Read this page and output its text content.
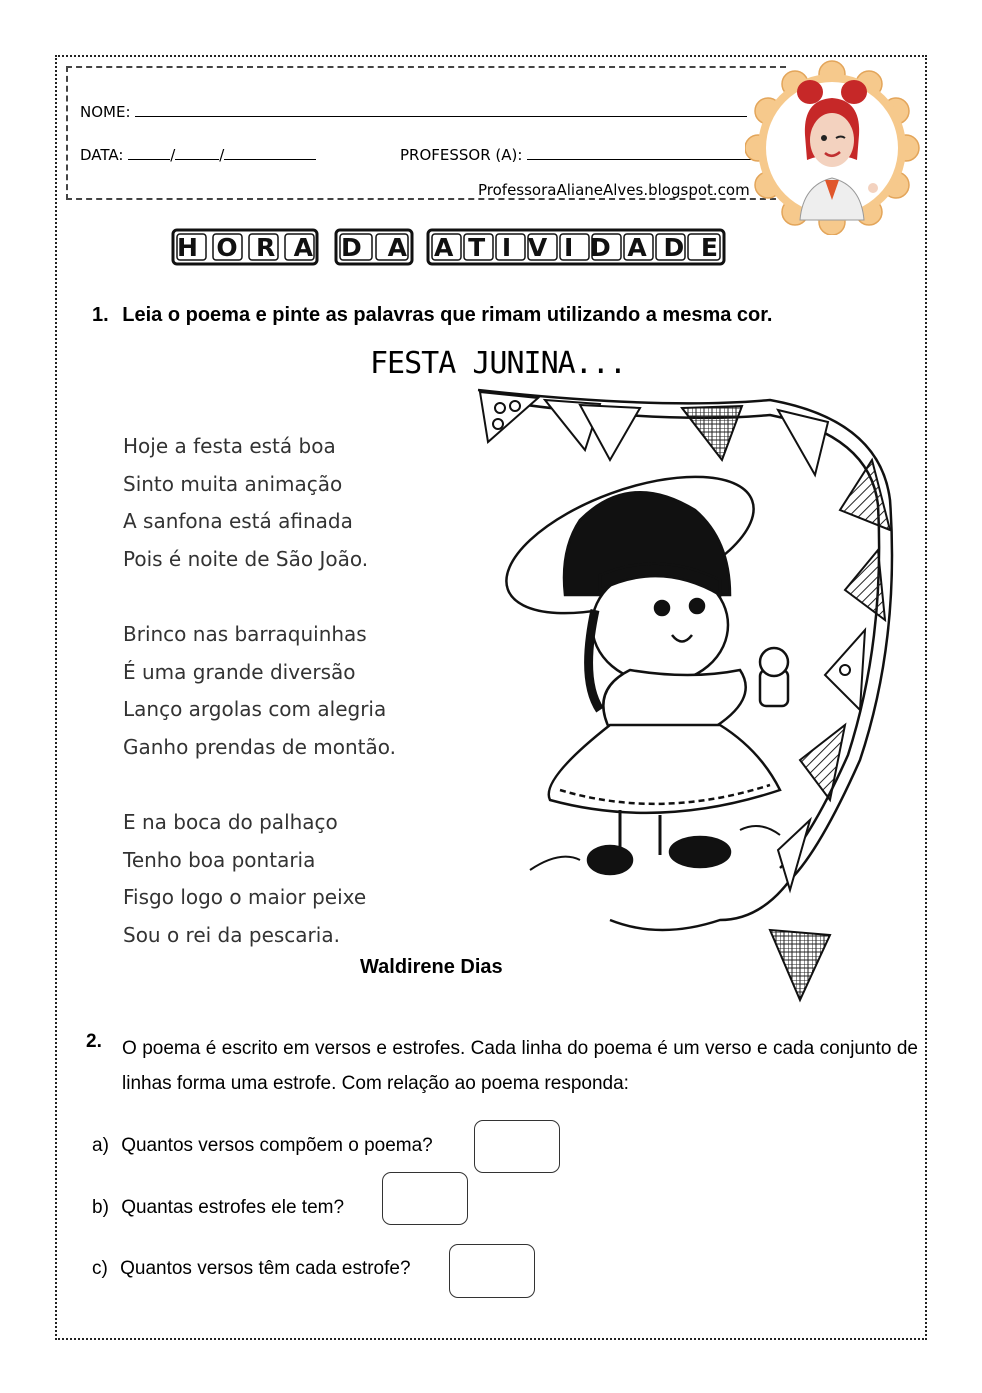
NOME:
DATA:	/	/	PROFESSOR (A):
ProfessoraAlianeAlves.blogspot.com
HORA DA ATIVIDADE
1. Leia o poema e pinte as palavras que rimam utilizando a mesma cor.
FESTA JUNINA...
Hoje a festa está boa
Sinto muita animação
A sanfona está afinada
Pois é noite de São João.
Brinco nas barraquinhas
É uma grande diversão
Lanço argolas com alegria
Ganho prendas de montão.
E na boca do palhaço
Tenho boa pontaria
Fisgo logo o maior peixe
Sou o rei da pescaria.
Waldirene Dias
2. O poema é escrito em versos e estrofes. Cada linha do poema é um verso e cada conjunto de linhas forma uma estrofe. Com relação ao poema responda:
a) Quantos versos compõem o poema?
b) Quantas estrofes ele tem?
c) Quantos versos têm cada estrofe?
